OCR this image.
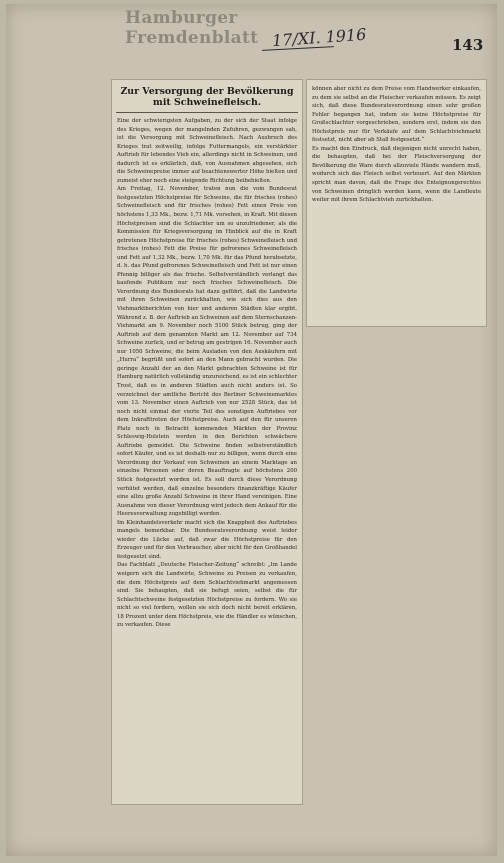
Hamburger Fremdenblatt 17/XI. 1916	143
Zur Versorgung der Bevölkerung
mit Schweinefleisch.
Eine der schwierigsten Aufgaben, zu der sich der Staat infolge des Krieges, wegen der mangelnden Zufuhren, gezwungen sah, ist die Versorgung mit Schweinefleisch. Nach Ausbruch des Krieges trat zeitweilig, infolge Futtermangels, ein verstärkter Auftrieb für lebendes Vieh ein, allerdings nicht in Schweinen, und dadurch ist es erklärlich, daß, von Ausnahmen abgesehen, sich die Schweinepreise immer auf beachtenswerter Höhe hielten und zumeist eher noch eine steigende Richtung beibehielten.
Am Freitag, 12. November, traten nun die vom Bundesrat festgesetzten Höchstpreise für Schweine, die für frisches (rohes) Schweinefleisch und für frisches (rohes) Fett einen Preis von höchstens 1,33 Mk., bezw. 1,71 Mk. vorsehen, in Kraft. Mit diesen Höchstpreisen sind die Schlachter um so unzufriedener, als die Kommission für Kriegsversorgung im Hinblick auf die in Kraft getretenen Höchstpreise für frisches (rohes) Schweinefleisch und frisches (rohes) Fett die Preise für gefrorenes Schweinefleisch und Fett auf 1,32 Mk., bezw. 1,70 Mk. für das Pfund herabsetzte, d. h. das Pfund gefrorenes Schweinefleisch und Fett ist nur einen Pfennig billiger als das frische. Selbstverständlich verlangt das kaufende Publikum nur noch frisches Schweinefleisch. Die Verordnung des Bundesrats hat dazu geführt, daß die Landwirte mit ihren Schweinen zurückhalten, wie sich dies aus den Viehmarktberichten von hier und anderen Städten klar ergibt. Während z. B. der Auftrieb an Schweinen auf dem Sternschanzen-Viehmarkt am 9. November noch 5100 Stück betrug, ging der Auftrieb auf dem genannten Markt am 12. November auf 734 Schweine zurück, und er betrug am gestrigen 16. November auch nur 1050 Schweine, die beim Ausladen von den Auskäufern mit „Hurra“ begrüßt und sofort an den Mann gebracht wurden. Die geringe Anzahl der an den Markt gebrachten Schweine ist für Hamburg natürlich vollständig unzureichend, es ist ein schlechter Trost, daß es in anderen Städten auch nicht anders ist. So verzeichnet der amtliche Bericht des Berliner Schweinemarktes vom 13. November einen Auftrieb von nur 2528 Stück, das ist noch nicht einmal der vierte Teil des sonstigen Auftriebes vor dem Inkrafttreten der Höchstpreise. Auch auf den für unseren Platz noch in Betracht kommenden Märkten der Provinz Schleswig-Holstein werden in den Berichten schwächere Auftriebe gemeldet. Die Schweine finden selbstverständlich sofort Käufer, und es ist deshalb nur zu billigen, wenn durch eine Verordnung der Verkauf von Schweinen an einem Marktage an einzelne Personen oder deren Beauftragte auf höchstens 200 Stück festgesetzt worden ist. Es soll durch diese Verordnung verhütet werden, daß einzelne besonders finanzkräftige Käufer eine allzu große Anzahl Schweine in ihrer Hand vereinigen. Eine Ausnahme von dieser Verordnung wird jedoch dem Ankauf für die Heeresverwaltung zugebilligt werden.
Im Kleinhandelsverkehr macht sich die Knappheit des Auftriebes mangels bemerkbar. Die Bundesratsverordnung weist leider wieder die Lücke auf, daß zwar die Höchstpreise für den Erzeuger und für den Verbraucher, aber nicht für den Großhandel festgesetzt sind.
Das Fachblatt „Deutsche Fleischer-Zeitung“ schreibt: „Im Lande weigern sich die Landwirte, Schweine zu Preisen zu verkaufen, die dem Höchstpreis auf dem Schlachtviehmarkt angemessen sind. Sie behaupten, daß sie befugt seien, selbst die für Schlachtschweine festgesetzten Höchstpreise zu fordern. Wo sie nicht so viel fordern, wollen sie sich doch nicht bereit erklären, 18 Prozent unter dem Höchstpreis, wie die Händler es wünschen, zu verkaufen. Diese
können aber nicht zu dem Preise vom Handwerker einkaufen, zu dem sie selbst an die Fleischer verkaufen müssen. Es zeigt sich, daß diese Bundesratsverordnung einen sehr großen Fehler begangen hat, indem sie keine Höchstpreise für Großschlachter vorgeschrieben, sondern erst, indem sie den Höchstpreis nur für Verkäufe auf dem Schlachtviehmarkt festsetzt, nicht aber ab Stall festgesetzt.“
Es macht den Eindruck, daß diejenigen nicht unrecht haben, die behaupten, daß bei der Fleischversorgung der Bevölkerung die Ware durch allzuviele Hände wandern muß, wodurch sich das Fleisch selbst verteuert. Auf den Märkten spricht man davon, daß die Frage des Enteignungsrechtes von Schweinen dringlich werden kann, wenn die Landleute weiter mit ihrem Schlachtvieh zurückhalten.
